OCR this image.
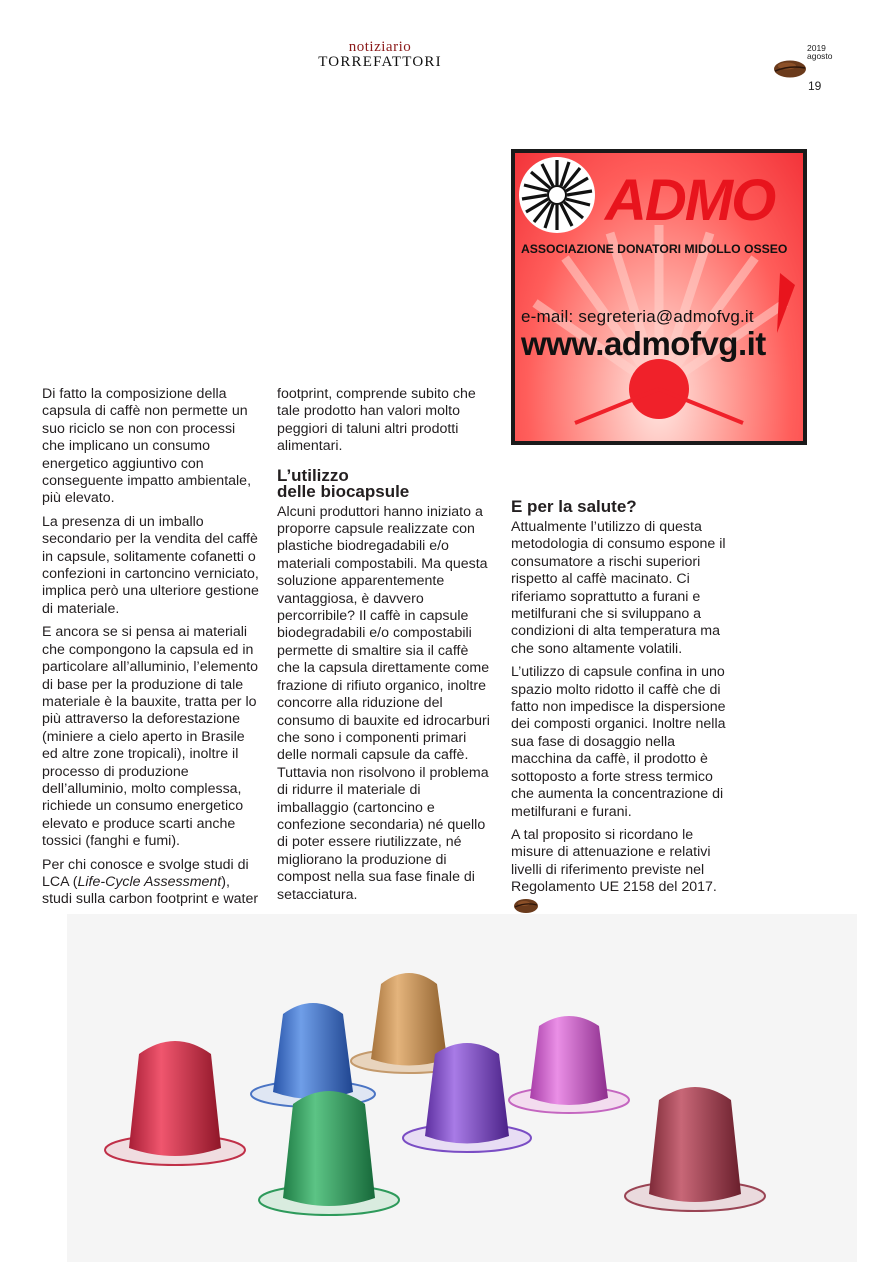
notiziario
TORREFATTORI
2019
agosto
19
ADMO
ASSOCIAZIONE DONATORI MIDOLLO OSSEO
e-mail: segreteria@admofvg.it
www.admofvg.it

Di fatto la composizione della capsula di caffè non permette un suo riciclo se non con processi che implicano un consumo energetico aggiuntivo con conseguente impatto ambientale, più elevato.

La presenza di un imballo secondario per la vendita del caffè in capsule, solitamente cofanetti o confezioni in cartoncino verniciato, implica però una ulteriore gestione di materiale.

E ancora se si pensa ai materiali che compongono la capsula ed in particolare all’alluminio, l’elemento di base per la produzione di tale materiale è la bauxite, tratta per lo più attraverso la deforestazione (miniere a cielo aperto in Brasile ed altre zone tropicali), inoltre il processo di produzione dell’alluminio, molto complessa, richiede un consumo energetico elevato e produce scarti anche tossici (fanghi e fumi).

Per chi conosce e svolge studi di LCA (Life-Cycle Assessment), studi sulla carbon footprint e water

footprint, comprende subito che tale prodotto han valori molto peggiori di taluni altri prodotti alimentari.

L’utilizzo
delle biocapsule

Alcuni produttori hanno iniziato a proporre capsule realizzate con plastiche biodregadabili e/o materiali compostabili. Ma questa soluzione apparentemente vantaggiosa, è davvero percorribile? Il caffè in capsule biodegradabili e/o compostabili permette di smaltire sia il caffè che la capsula direttamente come frazione di rifiuto organico, inoltre concorre alla riduzione del consumo di bauxite ed idrocarburi che sono i componenti primari delle normali capsule da caffè. Tuttavia non risolvono il problema di ridurre il materiale di imballaggio (cartoncino e confezione secondaria) né quello di poter essere riutilizzate, né migliorano la produzione di compost nella sua fase finale di setacciatura.

E per la salute?

Attualmente l’utilizzo di questa metodologia di consumo espone il consumatore a rischi superiori rispetto al caffè macinato. Ci riferiamo soprattutto a furani e metilfurani che si sviluppano a condizioni di alta temperatura ma che sono altamente volatili.

L’utilizzo di capsule confina in uno spazio molto ridotto il caffè che di fatto non impedisce la dispersione dei composti organici. Inoltre nella sua fase di dosaggio nella macchina da caffè, il prodotto è sottoposto a forte stress termico che aumenta la concentrazione di metilfurani e furani.

A tal proposito si ricordano le misure di attenuazione e relativi livelli di riferimento previste nel Regolamento UE 2158 del 2017.
